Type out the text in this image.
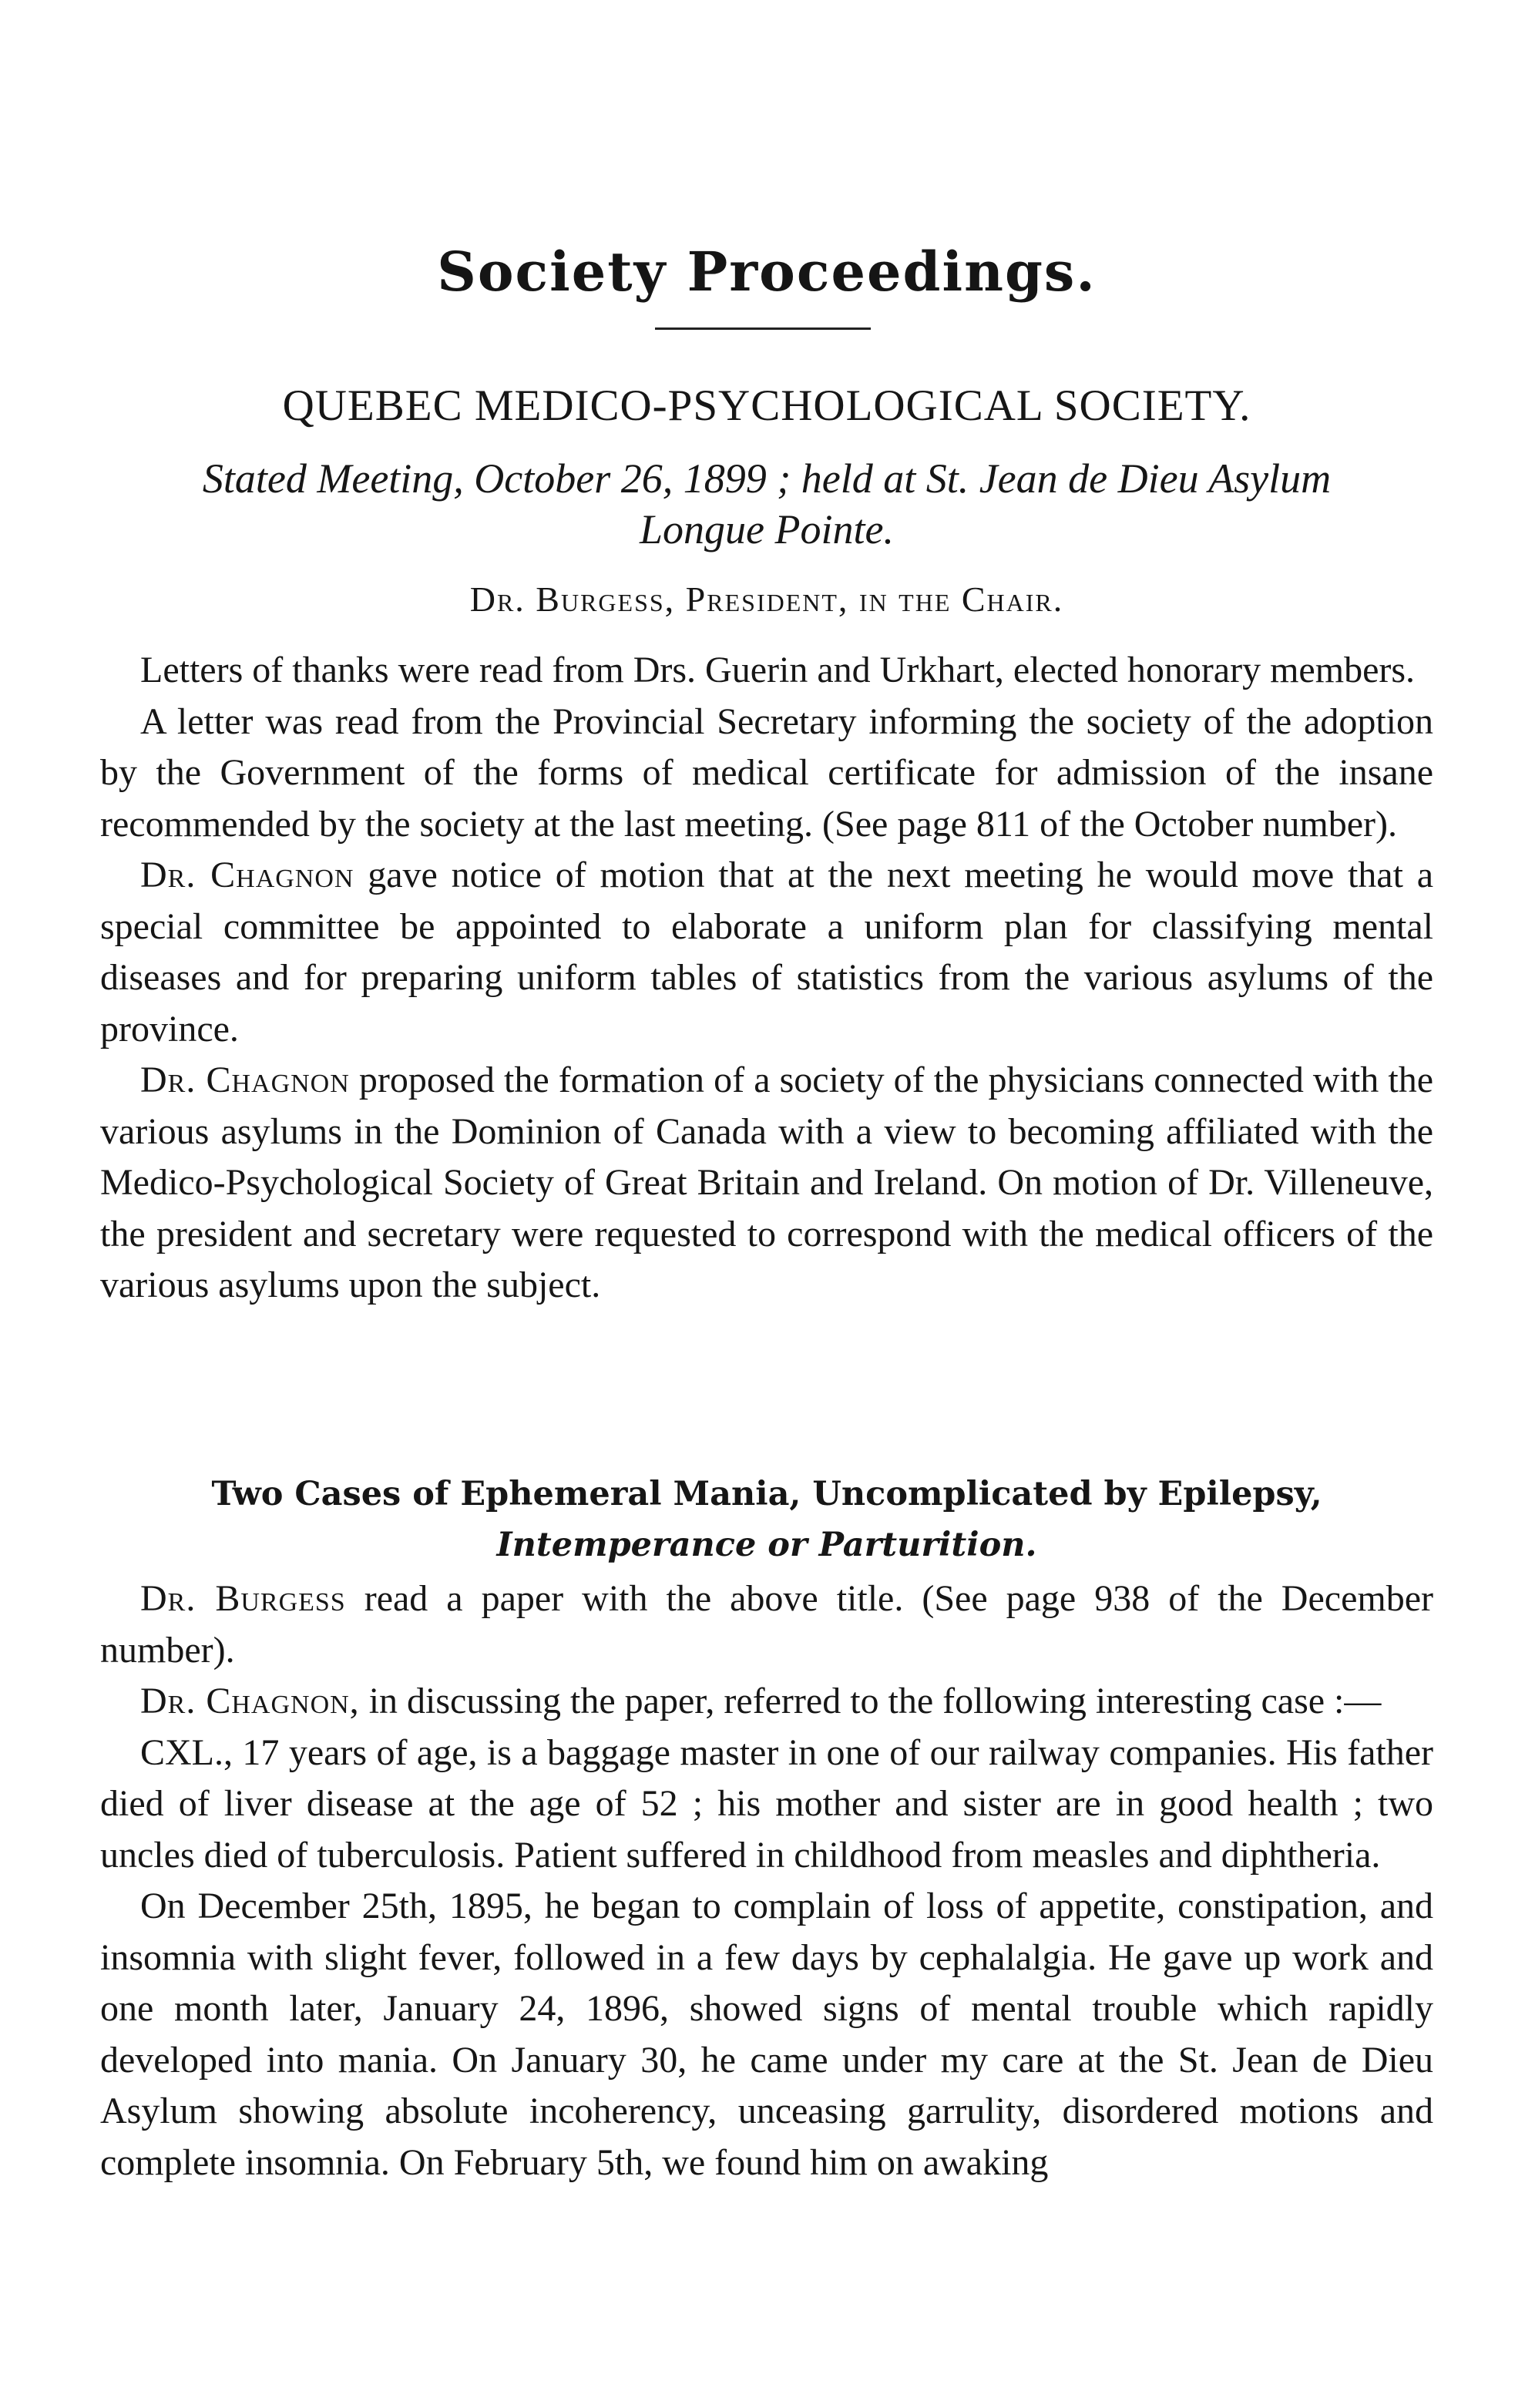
Society Proceedings.
QUEBEC MEDICO-PSYCHOLOGICAL SOCIETY.
Stated Meeting, October 26, 1899 ; held at St. Jean de Dieu Asylum
Longue Pointe.
Dr. Burgess, President, in the Chair.

Letters of thanks were read from Drs. Guerin and Urkhart, elected honorary members.

A letter was read from the Provincial Secretary informing the society of the adoption by the Government of the forms of medical certificate for admission of the insane recommended by the society at the last meeting. (See page 811 of the October number).

Dr. Chagnon gave notice of motion that at the next meeting he would move that a special committee be appointed to elaborate a uniform plan for classifying mental diseases and for preparing uniform tables of statistics from the various asylums of the province.

Dr. Chagnon proposed the formation of a society of the physicians connected with the various asylums in the Dominion of Canada with a view to becoming affiliated with the Medico-Psychological Society of Great Britain and Ireland. On motion of Dr. Villeneuve, the president and secretary were requested to correspond with the medical officers of the various asylums upon the subject.

Two Cases of Ephemeral Mania, Uncomplicated by Epilepsy,
Intemperance or Parturition.

Dr. Burgess read a paper with the above title. (See page 938 of the December number).

Dr. Chagnon, in discussing the paper, referred to the following interesting case :—

CXL., 17 years of age, is a baggage master in one of our railway companies. His father died of liver disease at the age of 52 ; his mother and sister are in good health ; two uncles died of tuberculosis. Patient suffered in childhood from measles and diphtheria.

On December 25th, 1895, he began to complain of loss of appetite, constipation, and insomnia with slight fever, followed in a few days by cephalalgia. He gave up work and one month later, January 24, 1896, showed signs of mental trouble which rapidly developed into mania. On January 30, he came under my care at the St. Jean de Dieu Asylum showing absolute incoherency, unceasing garrulity, disordered motions and complete insomnia. On February 5th, we found him on awaking
